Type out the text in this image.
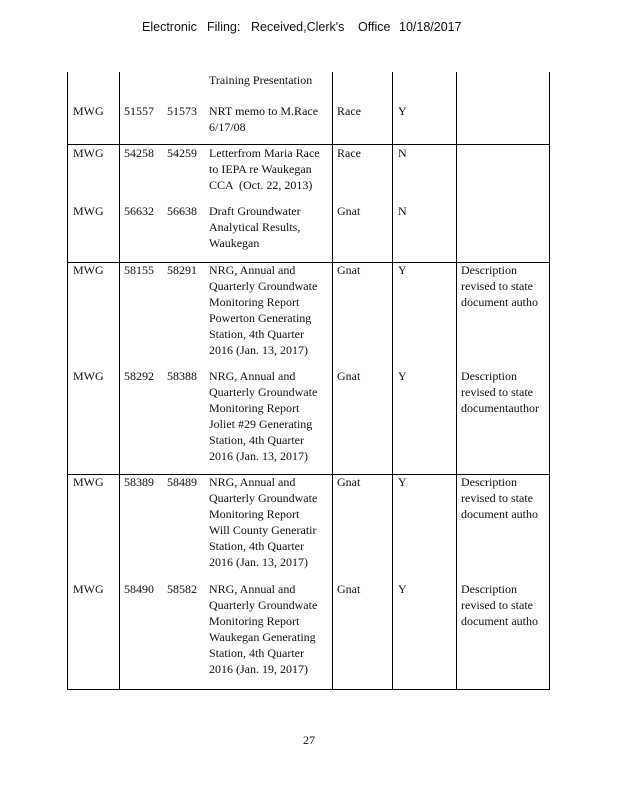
Electronic Filing: Received,Clerk's Office 10/18/2017
Training Presentation
MWG	51557	51573	NRT memo to M.Race
6/17/08
Race	Y
MWG	54258	54259	Letterfrom Maria Race
to IEPA re Waukegan
CCA  (Oct. 22, 2013)
Race	N
MWG	56632	56638	Draft Groundwater
Analytical Results,
Waukegan
Gnat	N
MWG	58155	58291	NRG, Annual and
Quarterly Groundwate
Monitoring Report
Powerton Generating
Station, 4th Quarter
2016 (Jan. 13, 2017)
Gnat	Y	Description
revised to state
document autho
MWG	58292	58388	NRG, Annual and
Quarterly Groundwate
Monitoring Report
Joliet #29 Generating
Station, 4th Quarter
2016 (Jan. 13, 2017)
Gnat	Y	Description
revised to state
documentauthor
MWG	58389	58489	NRG, Annual and
Quarterly Groundwate
Monitoring Report
Will County Generatir
Station, 4th Quarter
2016 (Jan. 13, 2017)
Gnat	Y	Description
revised to state
document autho
MWG	58490	58582	NRG, Annual and
Quarterly Groundwate
Monitoring Report
Waukegan Generating
Station, 4th Quarter
2016 (Jan. 19, 2017)
Gnat	Y	Description
revised to state
document autho
27
